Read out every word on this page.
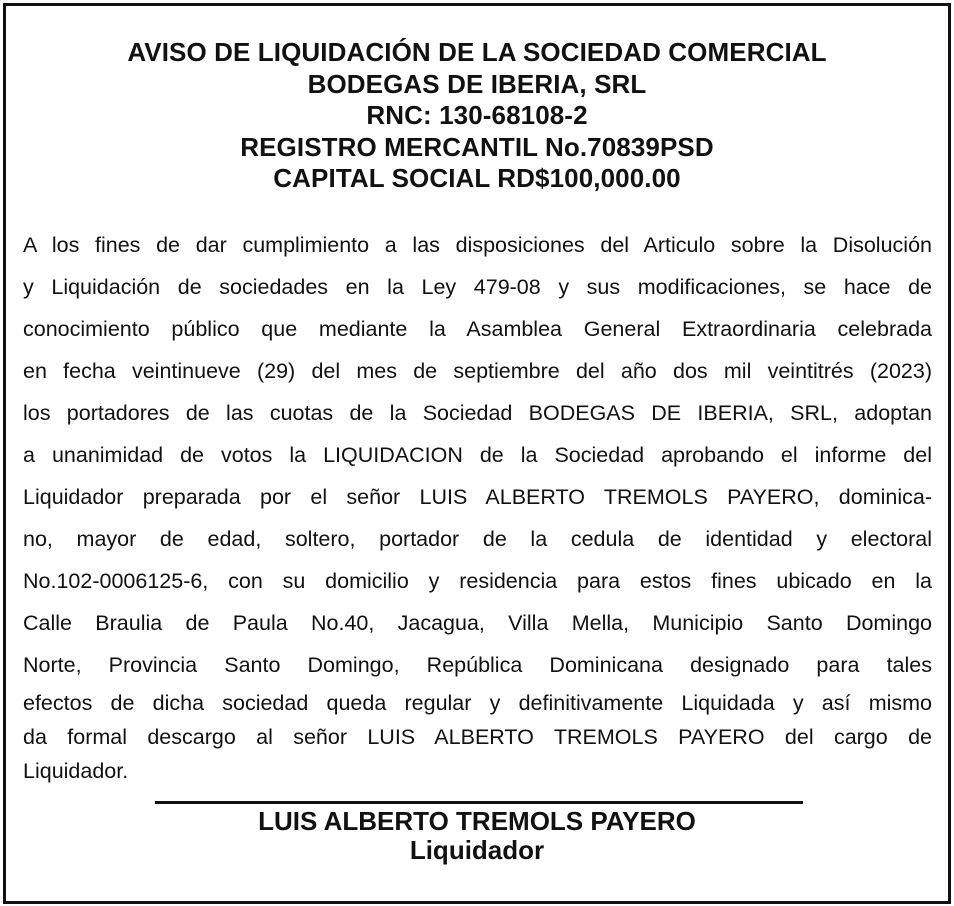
AVISO DE LIQUIDACIÓN DE LA SOCIEDAD COMERCIAL
BODEGAS DE IBERIA, SRL
RNC: 130-68108-2
REGISTRO MERCANTIL No.70839PSD
CAPITAL SOCIAL RD$100,000.00
A los fines de dar cumplimiento a las disposiciones del Articulo sobre la Disolución
y Liquidación de sociedades en la Ley 479-08 y sus modificaciones, se hace de
conocimiento público que mediante la Asamblea General Extraordinaria celebrada
en fecha veintinueve (29) del mes de septiembre del año dos mil veintitrés (2023)
los portadores de las cuotas de la Sociedad BODEGAS DE IBERIA, SRL, adoptan
a unanimidad de votos la LIQUIDACION de la Sociedad aprobando el informe del
Liquidador preparada por el señor LUIS ALBERTO TREMOLS PAYERO, dominica-
no, mayor de edad, soltero, portador de la cedula de identidad y electoral
No.102-0006125-6, con su domicilio y residencia para estos fines ubicado en la
Calle Braulia de Paula No.40, Jacagua, Villa Mella, Municipio Santo Domingo
Norte, Provincia Santo Domingo, República Dominicana designado para tales
efectos de dicha sociedad queda regular y definitivamente Liquidada y así mismo
da formal descargo al señor LUIS ALBERTO TREMOLS PAYERO del cargo de
Liquidador.
LUIS ALBERTO TREMOLS PAYERO
Liquidador
